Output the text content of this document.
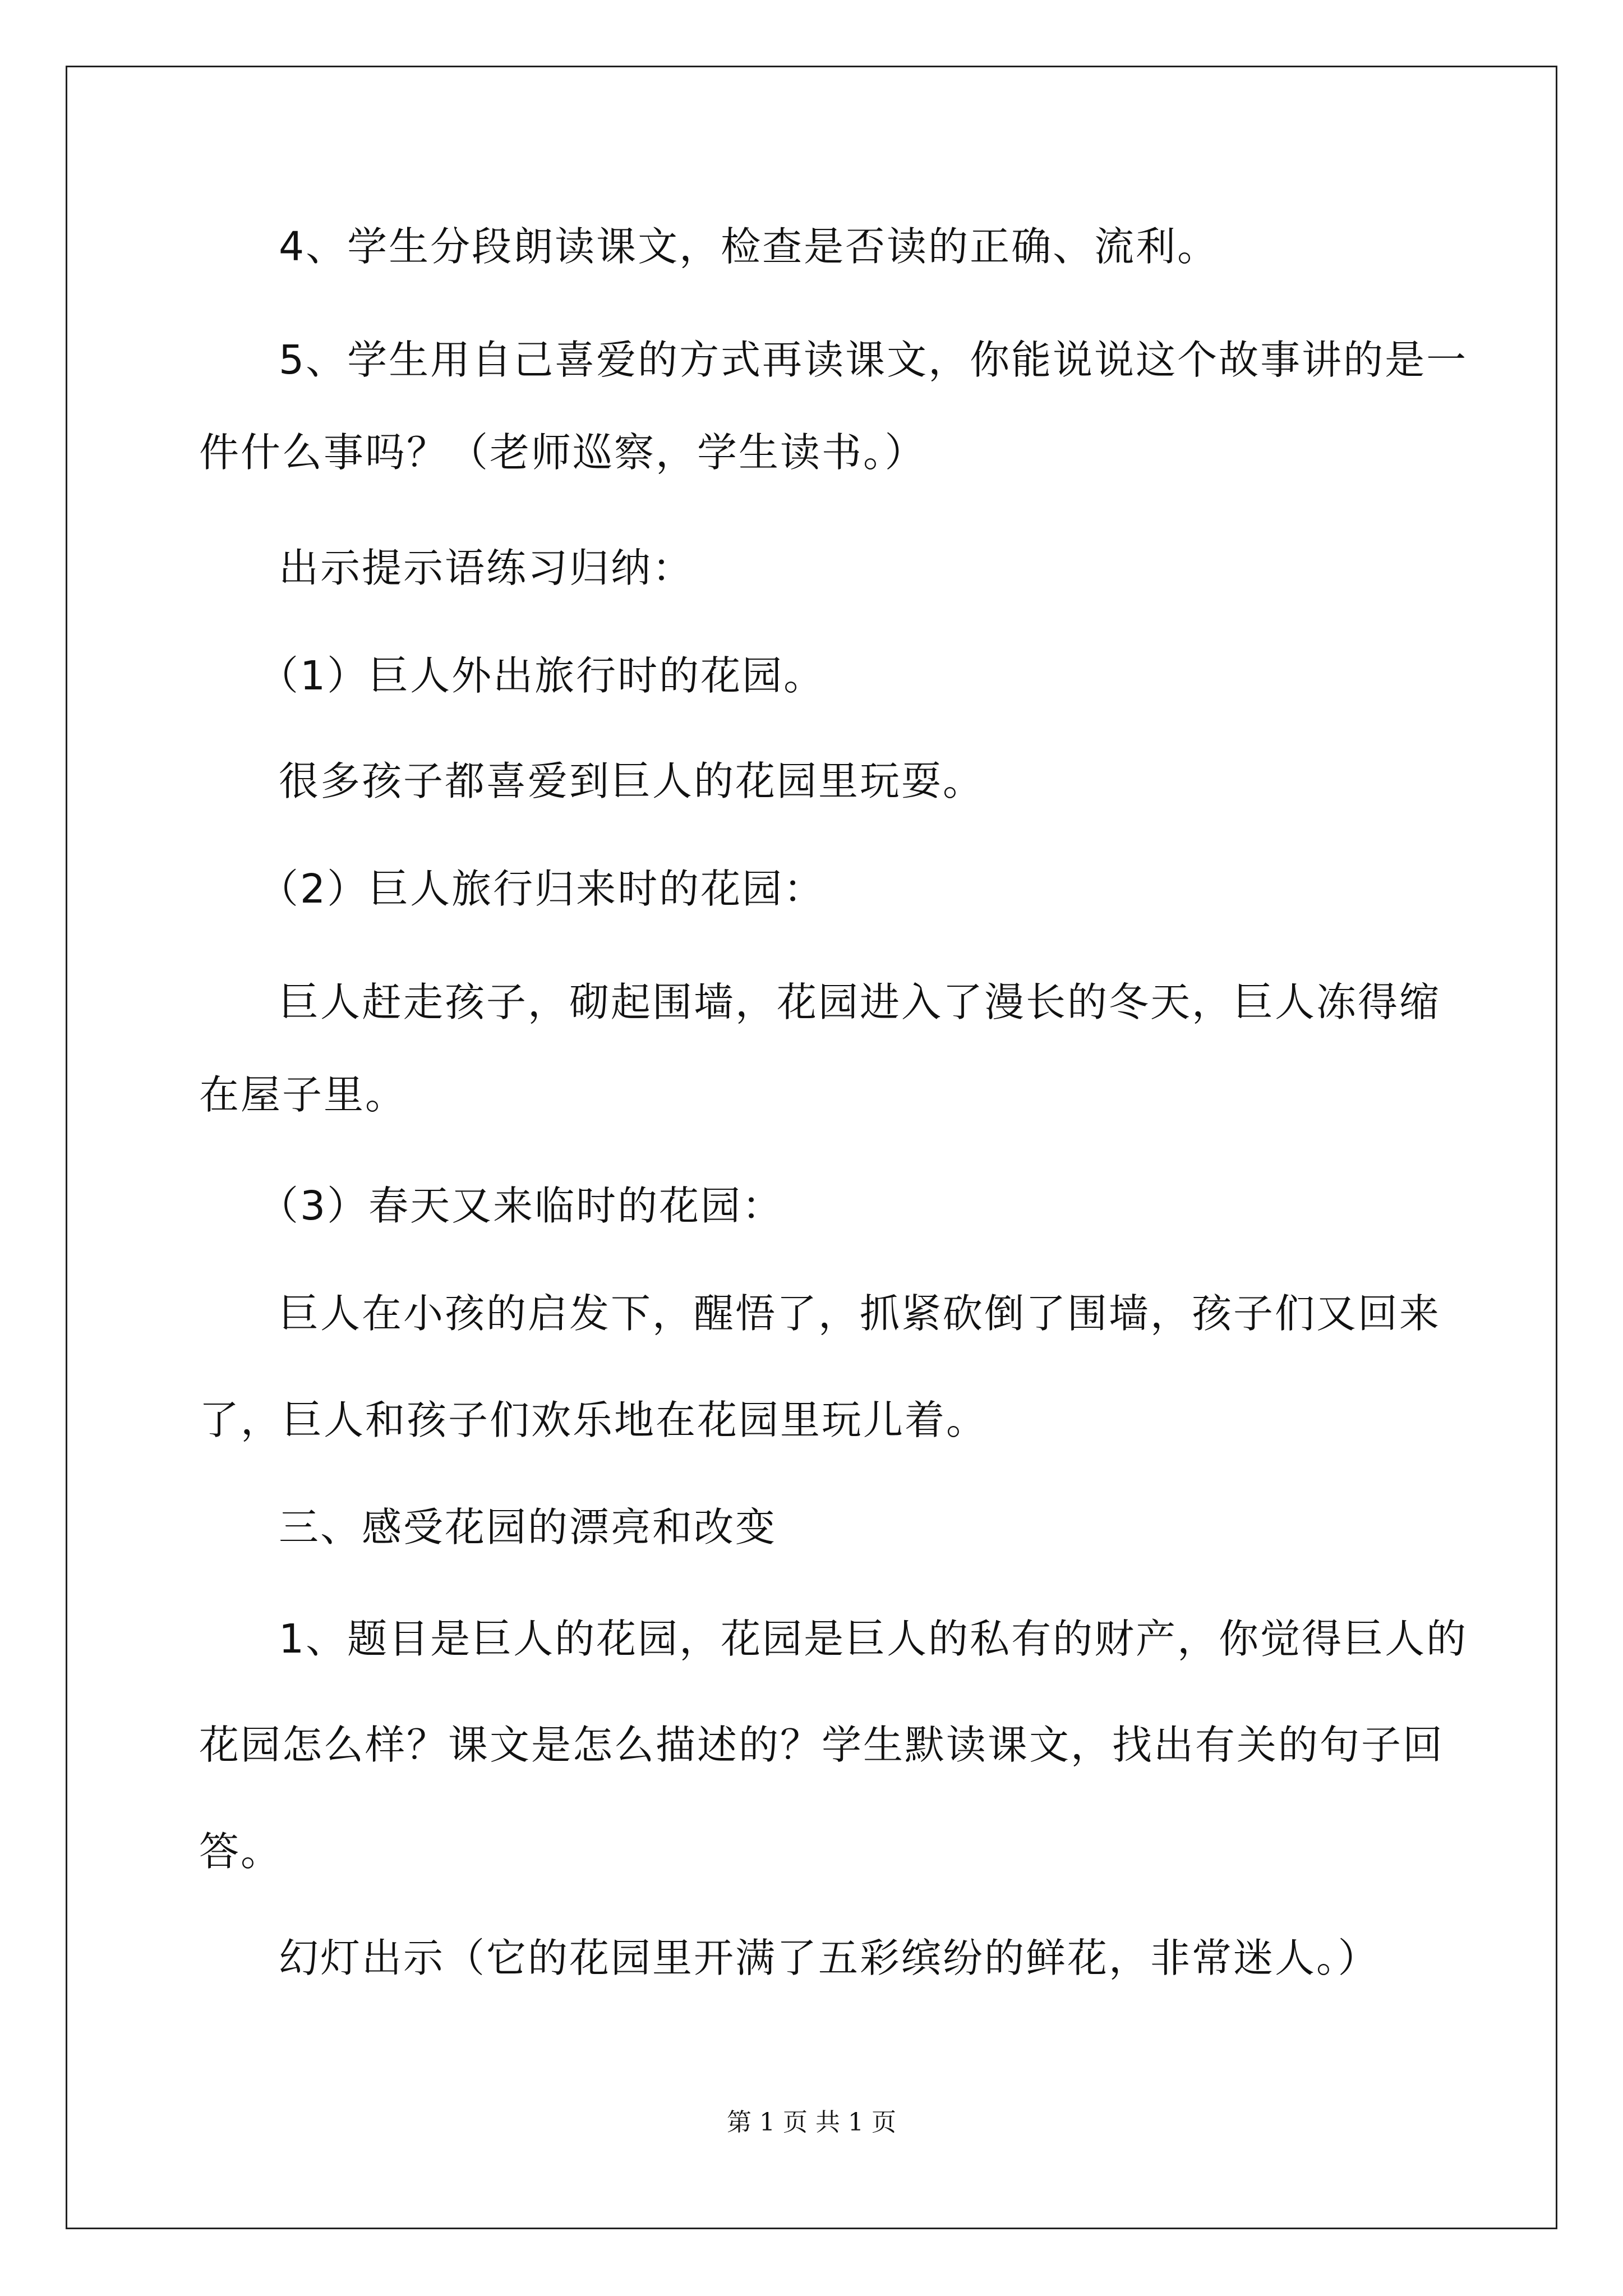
4、学生分段朗读课文，检查是否读的正确、流利。
5、学生用自己喜爱的方式再读课文，你能说说这个故事讲的是一
件什么事吗？（老师巡察，学生读书。）
出示提示语练习归纳：
（1）巨人外出旅行时的花园。
很多孩子都喜爱到巨人的花园里玩耍。
（2）巨人旅行归来时的花园：
巨人赶走孩子，砌起围墙，花园进入了漫长的冬天，巨人冻得缩
在屋子里。
（3）春天又来临时的花园：
巨人在小孩的启发下，醒悟了，抓紧砍倒了围墙，孩子们又回来
了，巨人和孩子们欢乐地在花园里玩儿着。
三、感受花园的漂亮和改变
1、题目是巨人的花园，花园是巨人的私有的财产，你觉得巨人的
花园怎么样？课文是怎么描述的？学生默读课文，找出有关的句子回
答。
幻灯出示（它的花园里开满了五彩缤纷的鲜花，非常迷人。）
第 1 页 共 1 页
